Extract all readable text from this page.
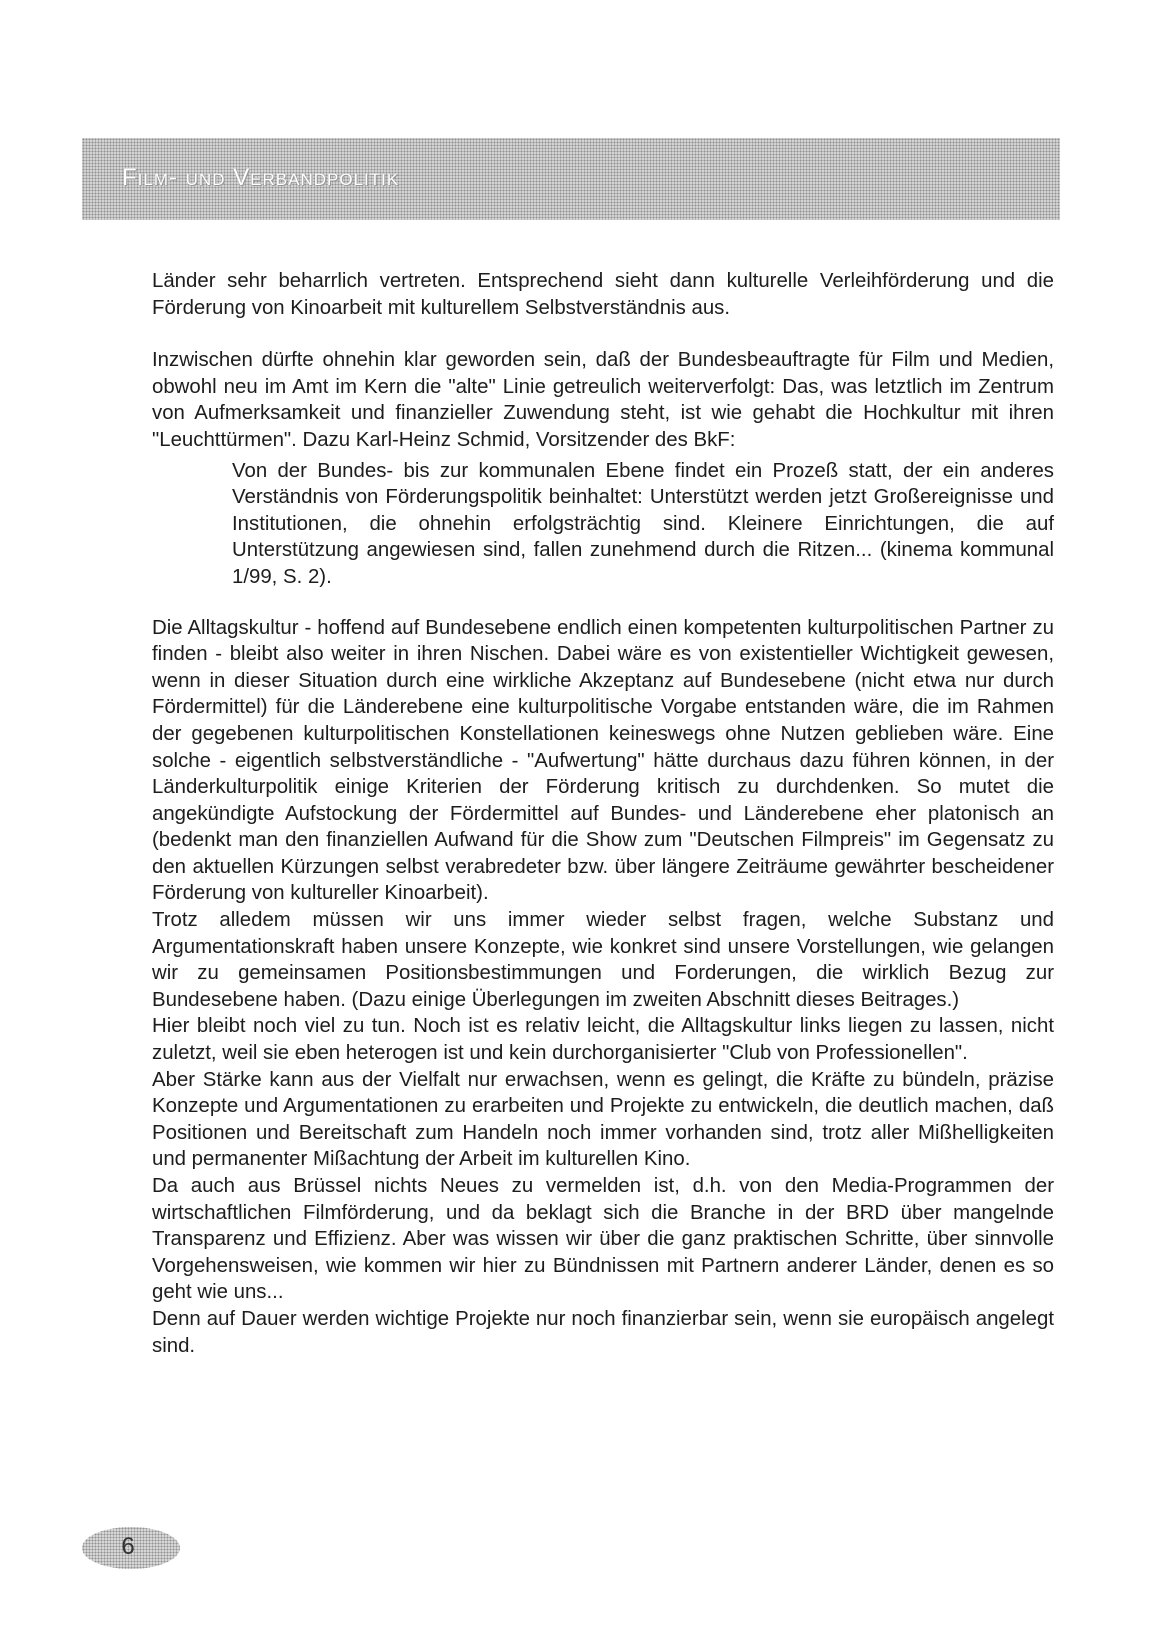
Film- und Verbandpolitik

Länder sehr beharrlich vertreten. Entsprechend sieht dann kulturelle Verleihförderung und die Förderung von Kinoarbeit mit kulturellem Selbstverständnis aus.

Inzwischen dürfte ohnehin klar geworden sein, daß der Bundesbeauftragte für Film und Medien, obwohl neu im Amt im Kern die "alte" Linie getreulich weiterverfolgt: Das, was letztlich im Zentrum von Aufmerksamkeit und finanzieller Zuwendung steht, ist wie gehabt die Hochkultur mit ihren "Leuchttürmen". Dazu Karl-Heinz Schmid, Vorsitzender des BkF:

Von der Bundes- bis zur kommunalen Ebene findet ein Prozeß statt, der ein anderes Verständnis von Förderungspolitik beinhaltet: Unterstützt werden jetzt Großereignisse und Institutionen, die ohnehin erfolgsträchtig sind. Kleinere Einrichtungen, die auf Unterstützung angewiesen sind, fallen zunehmend durch die Ritzen... (kinema kommunal 1/99, S. 2).

Die Alltagskultur - hoffend auf Bundesebene endlich einen kompetenten kulturpolitischen Partner zu finden - bleibt also weiter in ihren Nischen. Dabei wäre es von existentieller Wichtigkeit gewesen, wenn in dieser Situation durch eine wirkliche Akzeptanz auf Bundesebene (nicht etwa nur durch Fördermittel) für die Länderebene eine kulturpolitische Vorgabe entstanden wäre, die im Rahmen der gegebenen kulturpolitischen Konstellationen keineswegs ohne Nutzen geblieben wäre. Eine solche - eigentlich selbstverständliche - "Aufwertung" hätte durchaus dazu führen können, in der Länderkulturpolitik einige Kriterien der Förderung kritisch zu durchdenken. So mutet die angekündigte Aufstockung der Fördermittel auf Bundes- und Länderebene eher platonisch an (bedenkt man den finanziellen Aufwand für die Show zum "Deutschen Filmpreis" im Gegensatz zu den aktuellen Kürzungen selbst verabredeter bzw. über längere Zeiträume gewährter bescheidener Förderung von kultureller Kinoarbeit).

Trotz alledem müssen wir uns immer wieder selbst fragen, welche Substanz und Argumentationskraft haben unsere Konzepte, wie konkret sind unsere Vorstellungen, wie gelangen wir zu gemeinsamen Positionsbestimmungen und Forderungen, die wirklich Bezug zur Bundesebene haben. (Dazu einige Überlegungen im zweiten Abschnitt dieses Beitrages.)

Hier bleibt noch viel zu tun. Noch ist es relativ leicht, die Alltagskultur links liegen zu lassen, nicht zuletzt, weil sie eben heterogen ist und kein durchorganisierter "Club von Professionellen".

Aber Stärke kann aus der Vielfalt nur erwachsen, wenn es gelingt, die Kräfte zu bündeln, präzise Konzepte und Argumentationen zu erarbeiten und Projekte zu entwickeln, die deutlich machen, daß Positionen und Bereitschaft zum Handeln noch immer vorhanden sind, trotz aller Mißhelligkeiten und permanenter Mißachtung der Arbeit im kulturellen Kino.

Da auch aus Brüssel nichts Neues zu vermelden ist, d.h. von den Media-Programmen der wirtschaftlichen Filmförderung, und da beklagt sich die Branche in der BRD über mangelnde Transparenz und Effizienz. Aber was wissen wir über die ganz praktischen Schritte, über sinnvolle Vorgehensweisen, wie kommen wir hier zu Bündnissen mit Partnern anderer Länder, denen es so geht wie uns...

Denn auf Dauer werden wichtige Projekte nur noch finanzierbar sein, wenn sie europäisch angelegt sind.

6
